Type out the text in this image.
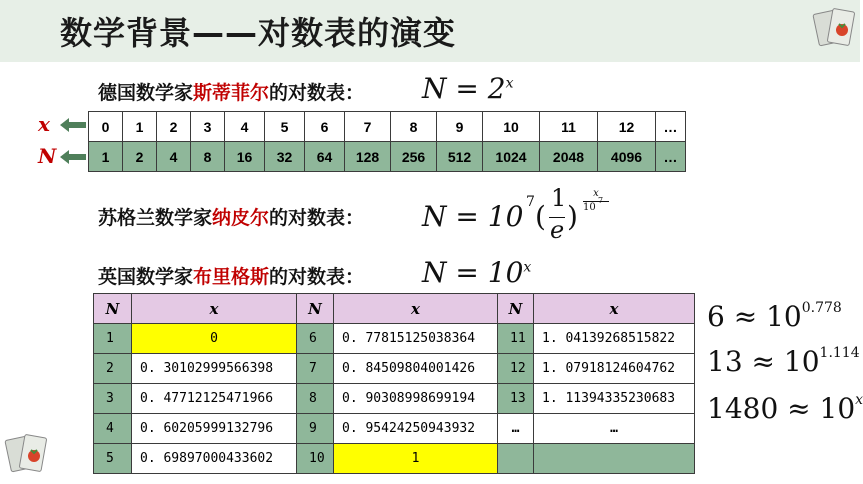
数学背景——对数表的演变
德国数学家斯蒂菲尔的对数表： $N = 2^x$
x
N
0	1	2	3	4	5	6	7	8	9	10	11	12	…
1	2	4	8	16	32	64	128	256	512	1024	2048	4096	…
苏格兰数学家纳皮尔的对数表： N = 10 7 (
1
e )
x
10
7
英国数学家布里格斯的对数表： $N = 10^x$
N	x	N	x	N	x
1	0	6	0. 77815125038364	11	1. 04139268515822
2	0. 30102999566398	7	0. 84509804001426	12	1. 07918124604762
3	0. 47712125471966	8	0. 90308998699194	13	1. 11394335230683
4	0. 60205999132796	9	0. 95424250943932	…	…
5	0. 69897000433602	10	1		
$6 \approx 10^{0.778}$
$13 \approx 10^{1.114}$
$1480 \approx 10^x$
